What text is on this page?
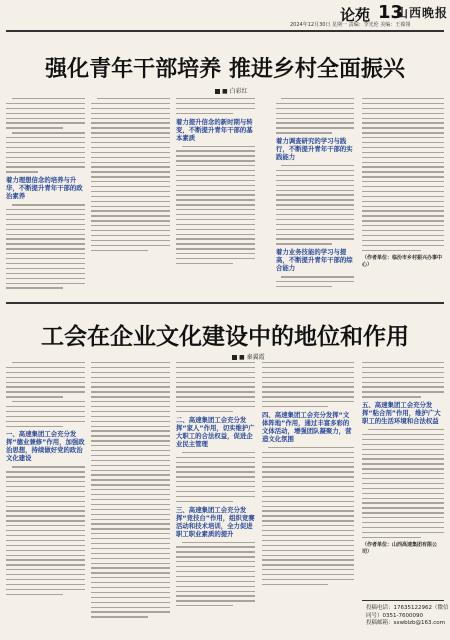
论苑 13
山西晚报
2024年12月30日 星期一 责编：李光伦 美编：王葆翎
强化青年干部培养 推进乡村全面振兴
■ 白彩红
着力理想信念的培养与升华，不断提升青年干部的政治素养
着力提升信念的新时期与转变，不断提升青年干部的基本素质	着力调查研究的学习与践行，不断提升青年干部的实践能力
着力业务技能的学习与提高，不断提升青年干部的综合能力
（作者单位：临汾市乡村振兴办事中心）
工会在企业文化建设中的地位和作用
■ 秦翼霞
一、高速集团工会充分发挥“德业兼修”作用，加强政治思想，持续做好党的政治文化建设
二、高速集团工会充分发挥“家人”作用，切实维护广大职工的合法权益，促进企业民主管理
三、高速集团工会充分发挥“竞技台”作用，组织竞赛活动和技术培训，全力促进职工职业素质的提升
四、高速集团工会充分发挥“文体阵地”作用，通过丰富多彩的文体活动，增强团队凝聚力，营造文化氛围
五、高速集团工会充分发挥“粘合剂”作用，维护广大职工的生活环境和合法权益
（作者单位：山西高速集团有限公司）
投稿电话：17635122962（微信同号）0351-7600090
投稿邮箱：sxwblzb@163.com
